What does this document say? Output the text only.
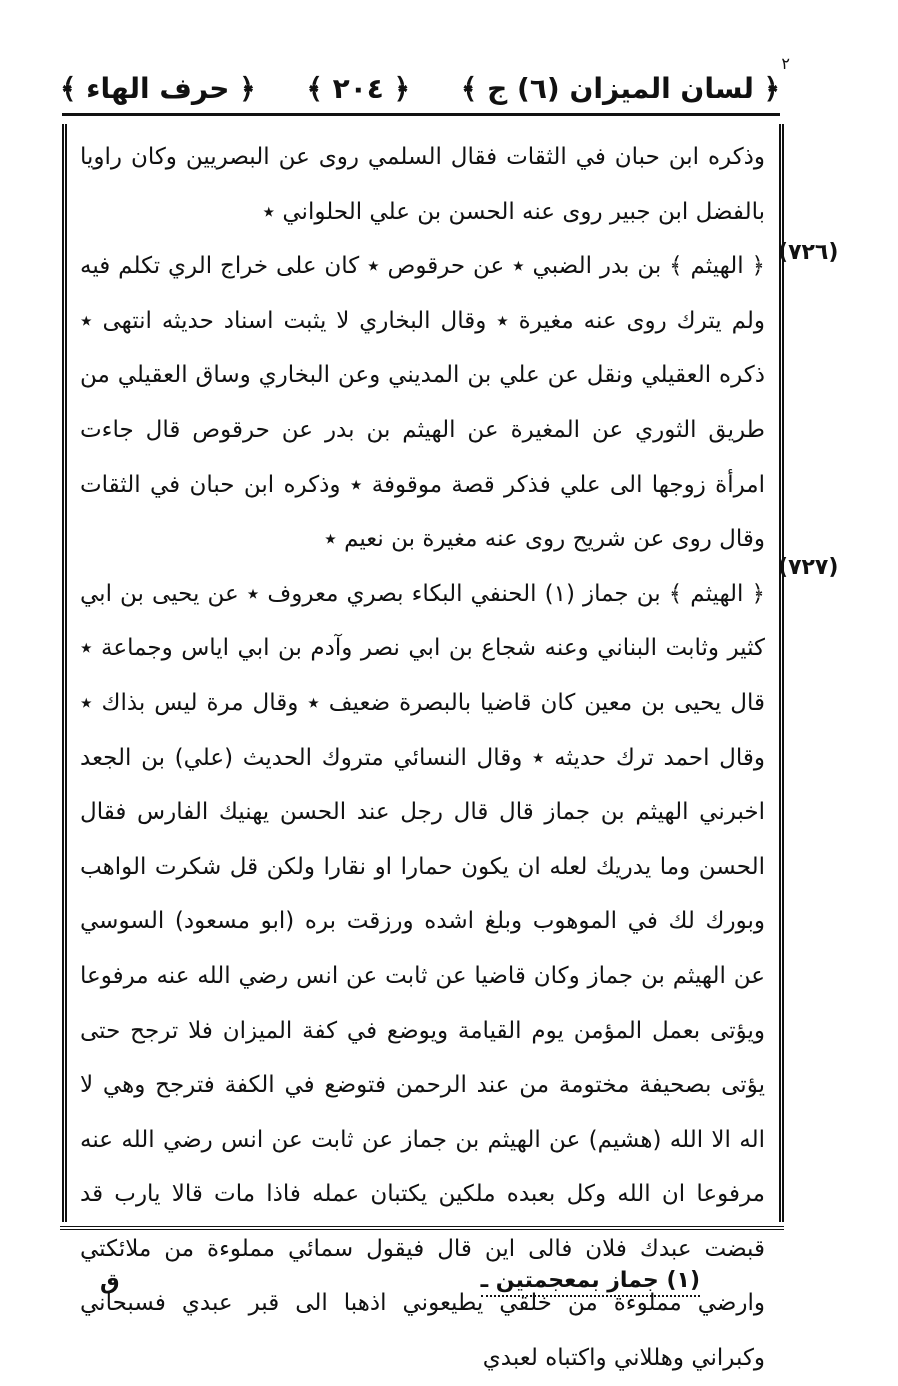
٢
﴿ لسان الميزان (٦) ج ﴾
﴿ ٢٠٤ ﴾
﴿ حرف الهاء ﴾

وذكره ابن حبان في الثقات فقال السلمي روى عن البصريين وكان راويا بالفضل ابن جبير روى عنه الحسن بن علي الحلواني ٭

﴿ الهيثم ﴾ بن بدر الضبي ٭ عن حرقوص ٭ كان على خراج الري تكلم فيه ولم يترك روى عنه مغيرة ٭ وقال البخاري لا يثبت اسناد حديثه انتهى ٭ ذكره العقيلي ونقل عن علي بن المديني وعن البخاري وساق العقيلي من طريق الثوري عن المغيرة عن الهيثم بن بدر عن حرقوص قال جاءت امرأة زوجها الى علي فذكر قصة موقوفة ٭ وذكره ابن حبان في الثقات وقال روى عن شريح روى عنه مغيرة بن نعيم ٭

﴿ الهيثم ﴾ بن جماز (١) الحنفي البكاء بصري معروف ٭ عن يحيى بن ابي كثير وثابت البناني وعنه شجاع بن ابي نصر وآدم بن ابي اياس وجماعة ٭ قال يحيى بن معين كان قاضيا بالبصرة ضعيف ٭ وقال مرة ليس بذاك ٭ وقال احمد ترك حديثه ٭ وقال النسائي متروك الحديث (علي) بن الجعد اخبرني الهيثم بن جماز قال قال رجل عند الحسن يهنيك الفارس فقال الحسن وما يدريك لعله ان يكون حمارا او نقارا ولكن قل شكرت الواهب وبورك لك في الموهوب وبلغ اشده ورزقت بره (ابو مسعود) السوسي عن الهيثم بن جماز وكان قاضيا عن ثابت عن انس رضي الله عنه مرفوعا ويؤتى بعمل المؤمن يوم القيامة ويوضع في كفة الميزان فلا ترجح حتى يؤتى بصحيفة مختومة من عند الرحمن فتوضع في الكفة فترجح وهي لا اله الا الله (هشيم) عن الهيثم بن جماز عن ثابت عن انس رضي الله عنه مرفوعا ان الله وكل بعبده ملكين يكتبان عمله فاذا مات قالا يارب قد قبضت عبدك فلان فالى اين قال فيقول سمائي مملوءة من ملائكتي وارضي مملوءة من خلقي يطيعوني اذهبا الى قبر عبدي فسبحاني وكبراني وهللاني واكتباه لعبدي

(٧٢٦)
(٧٢٧)
(١) جماز بمعجمتين ـ
ق
